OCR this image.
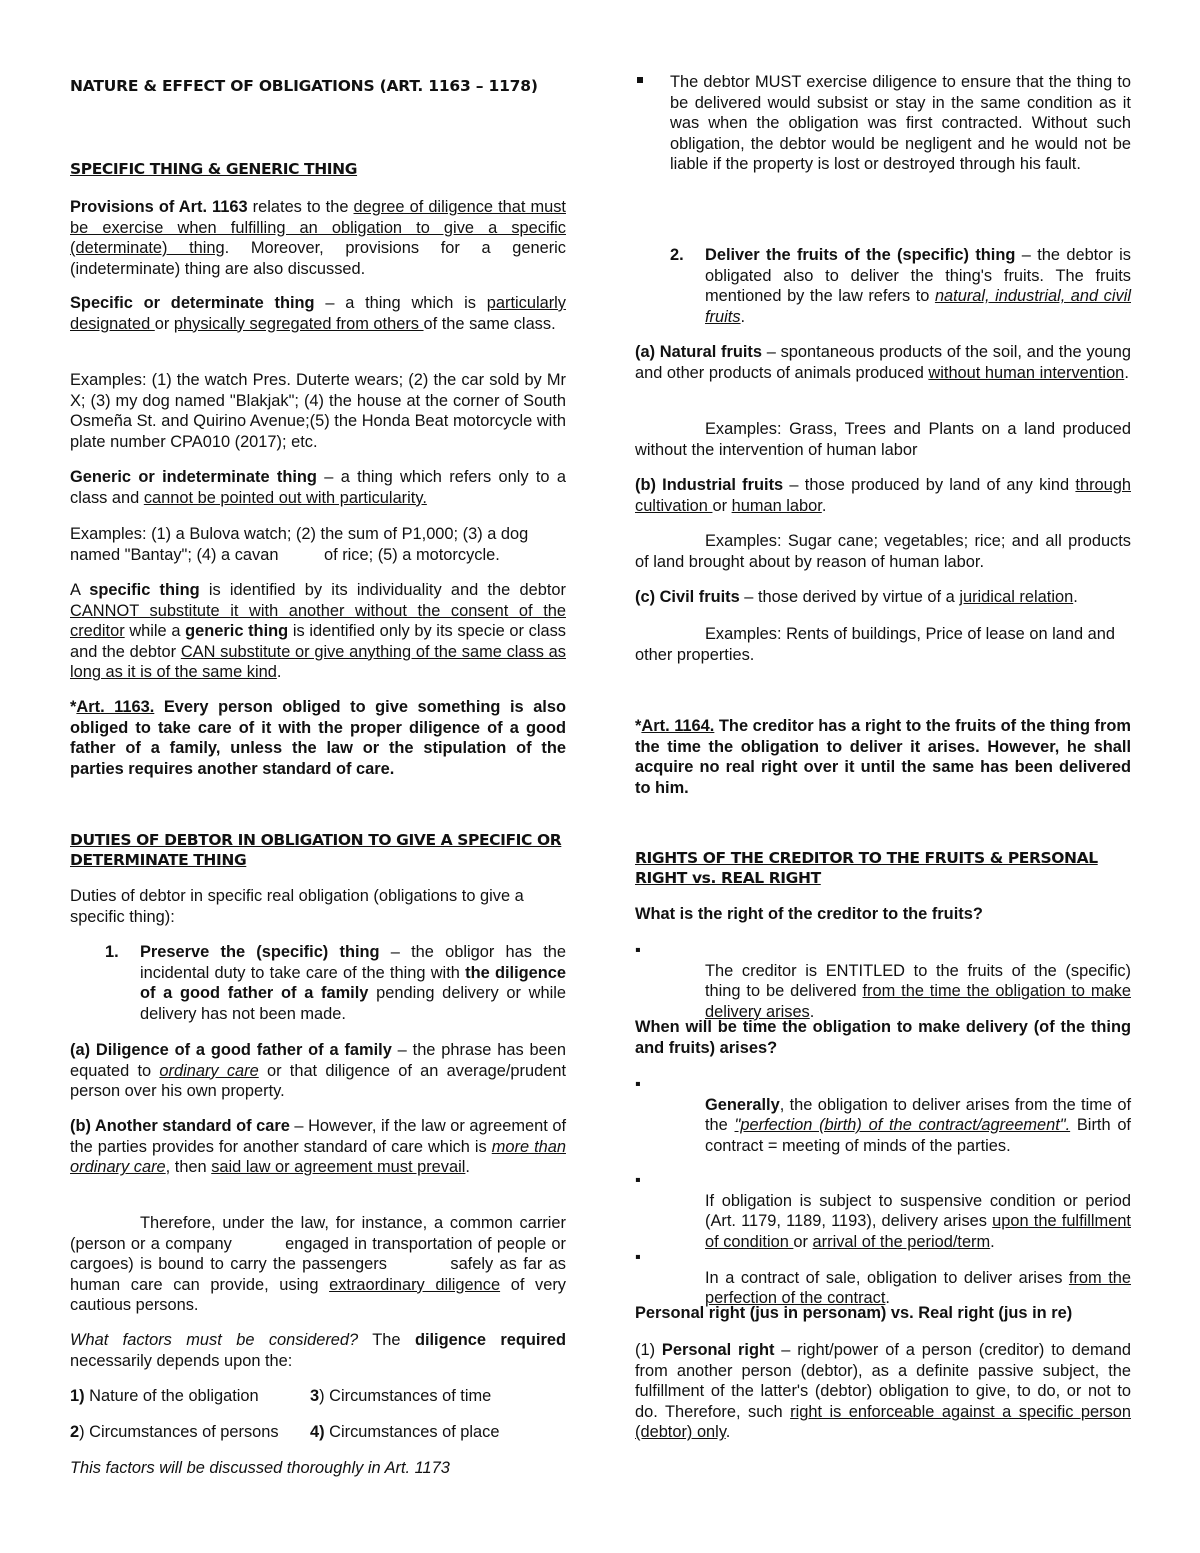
NATURE & EFFECT OF OBLIGATIONS (ART. 1163 – 1178)

SPECIFIC THING & GENERIC THING

Provisions of Art. 1163 relates to the degree of diligence that must be exercise when fulfilling an obligation to give a specific (determinate) thing. Moreover, provisions for a generic (indeterminate) thing are also discussed.

Specific or determinate thing – a thing which is particularly designated or physically segregated from others of the same class.

Examples: (1) the watch Pres. Duterte wears; (2) the car sold by Mr X; (3) my dog named "Blakjak"; (4) the house at the corner of South Osmeña St. and Quirino Avenue;(5) the Honda Beat motorcycle with plate number CPA010 (2017); etc.

Generic or indeterminate thing – a thing which refers only to a class and cannot be pointed out with particularity.

Examples: (1) a Bulova watch; (2) the sum of P1,000; (3) a dog named "Bantay"; (4) a cavan          of rice; (5) a motorcycle.

A specific thing is identified by its individuality and the debtor CANNOT substitute it with another without the consent of the creditor while a generic thing is identified only by its specie or class and the debtor CAN substitute or give anything of the same class as long as it is of the same kind.

*Art. 1163. Every person obliged to give something is also obliged to take care of it with the proper diligence of a good father of a family, unless the law or the stipulation of the parties requires another standard of care.

DUTIES OF DEBTOR IN OBLIGATION TO GIVE A SPECIFIC OR DETERMINATE THING

Duties of debtor in specific real obligation (obligations to give a specific thing):

1.	Preserve the (specific) thing – the obligor has the incidental duty to take care of the thing with the diligence of a good father of a family pending delivery or while delivery has not been made.

(a) Diligence of a good father of a family – the phrase has been equated to ordinary care or that diligence of an average/prudent person over his own property.

(b) Another standard of care – However, if the law or agreement of the parties provides for another standard of care which is more than ordinary care, then said law or agreement must prevail.

Therefore, under the law, for instance, a common carrier (person or a company          engaged in transportation of people or cargoes) is bound to carry the passengers          safely as far as human care can provide, using extraordinary diligence of very          cautious persons.

What factors must be considered? The diligence required necessarily depends upon the:

1) Nature of the obligation	3) Circumstances of time

2) Circumstances of persons	4) Circumstances of place

This factors will be discussed thoroughly in Art. 1173

The debtor MUST exercise diligence to ensure that the thing to be delivered would subsist or stay in the same condition as it was when the obligation was first contracted. Without such obligation, the debtor would be negligent and he would not be liable if the property is lost or destroyed through his fault.

2.	Deliver the fruits of the (specific) thing – the debtor is obligated also to deliver the thing's fruits. The fruits mentioned by the law refers to natural, industrial, and civil fruits.

(a) Natural fruits – spontaneous products of the soil, and the young and other products of animals produced without human intervention.

Examples: Grass, Trees and Plants on a land produced without the intervention of human labor

(b) Industrial fruits – those produced by land of any kind through cultivation or human labor.

Examples: Sugar cane; vegetables; rice; and all products of land brought about by reason of human labor.

(c) Civil fruits – those derived by virtue of a juridical relation.

Examples: Rents of buildings, Price of lease on land and other properties.

*Art. 1164. The creditor has a right to the fruits of the thing from the time the obligation to deliver it arises. However, he shall acquire no real right over it until the same has been delivered to him.

RIGHTS OF THE CREDITOR TO THE FRUITS & PERSONAL RIGHT vs. REAL RIGHT

What is the right of the creditor to the fruits?

▪

The creditor is ENTITLED to the fruits of the (specific) thing to be delivered from the time the obligation to make delivery arises.

When will be time the obligation to make delivery (of the thing and fruits) arises?

▪

Generally, the obligation to deliver arises from the time of the "perfection (birth) of the contract/agreement". Birth of contract = meeting of minds of the parties.

▪

If obligation is subject to suspensive condition or period (Art. 1179, 1189, 1193), delivery arises upon the fulfillment of condition or arrival of the period/term.

▪

In a contract of sale, obligation to deliver arises from the perfection of the contract.

Personal right (jus in personam) vs. Real right (jus in re)

(1) Personal right – right/power of a person (creditor) to demand from another person (debtor), as a definite passive subject, the fulfillment of the latter's (debtor) obligation to give, to do, or not to do. Therefore, such right is enforceable against a specific person (debtor) only.
